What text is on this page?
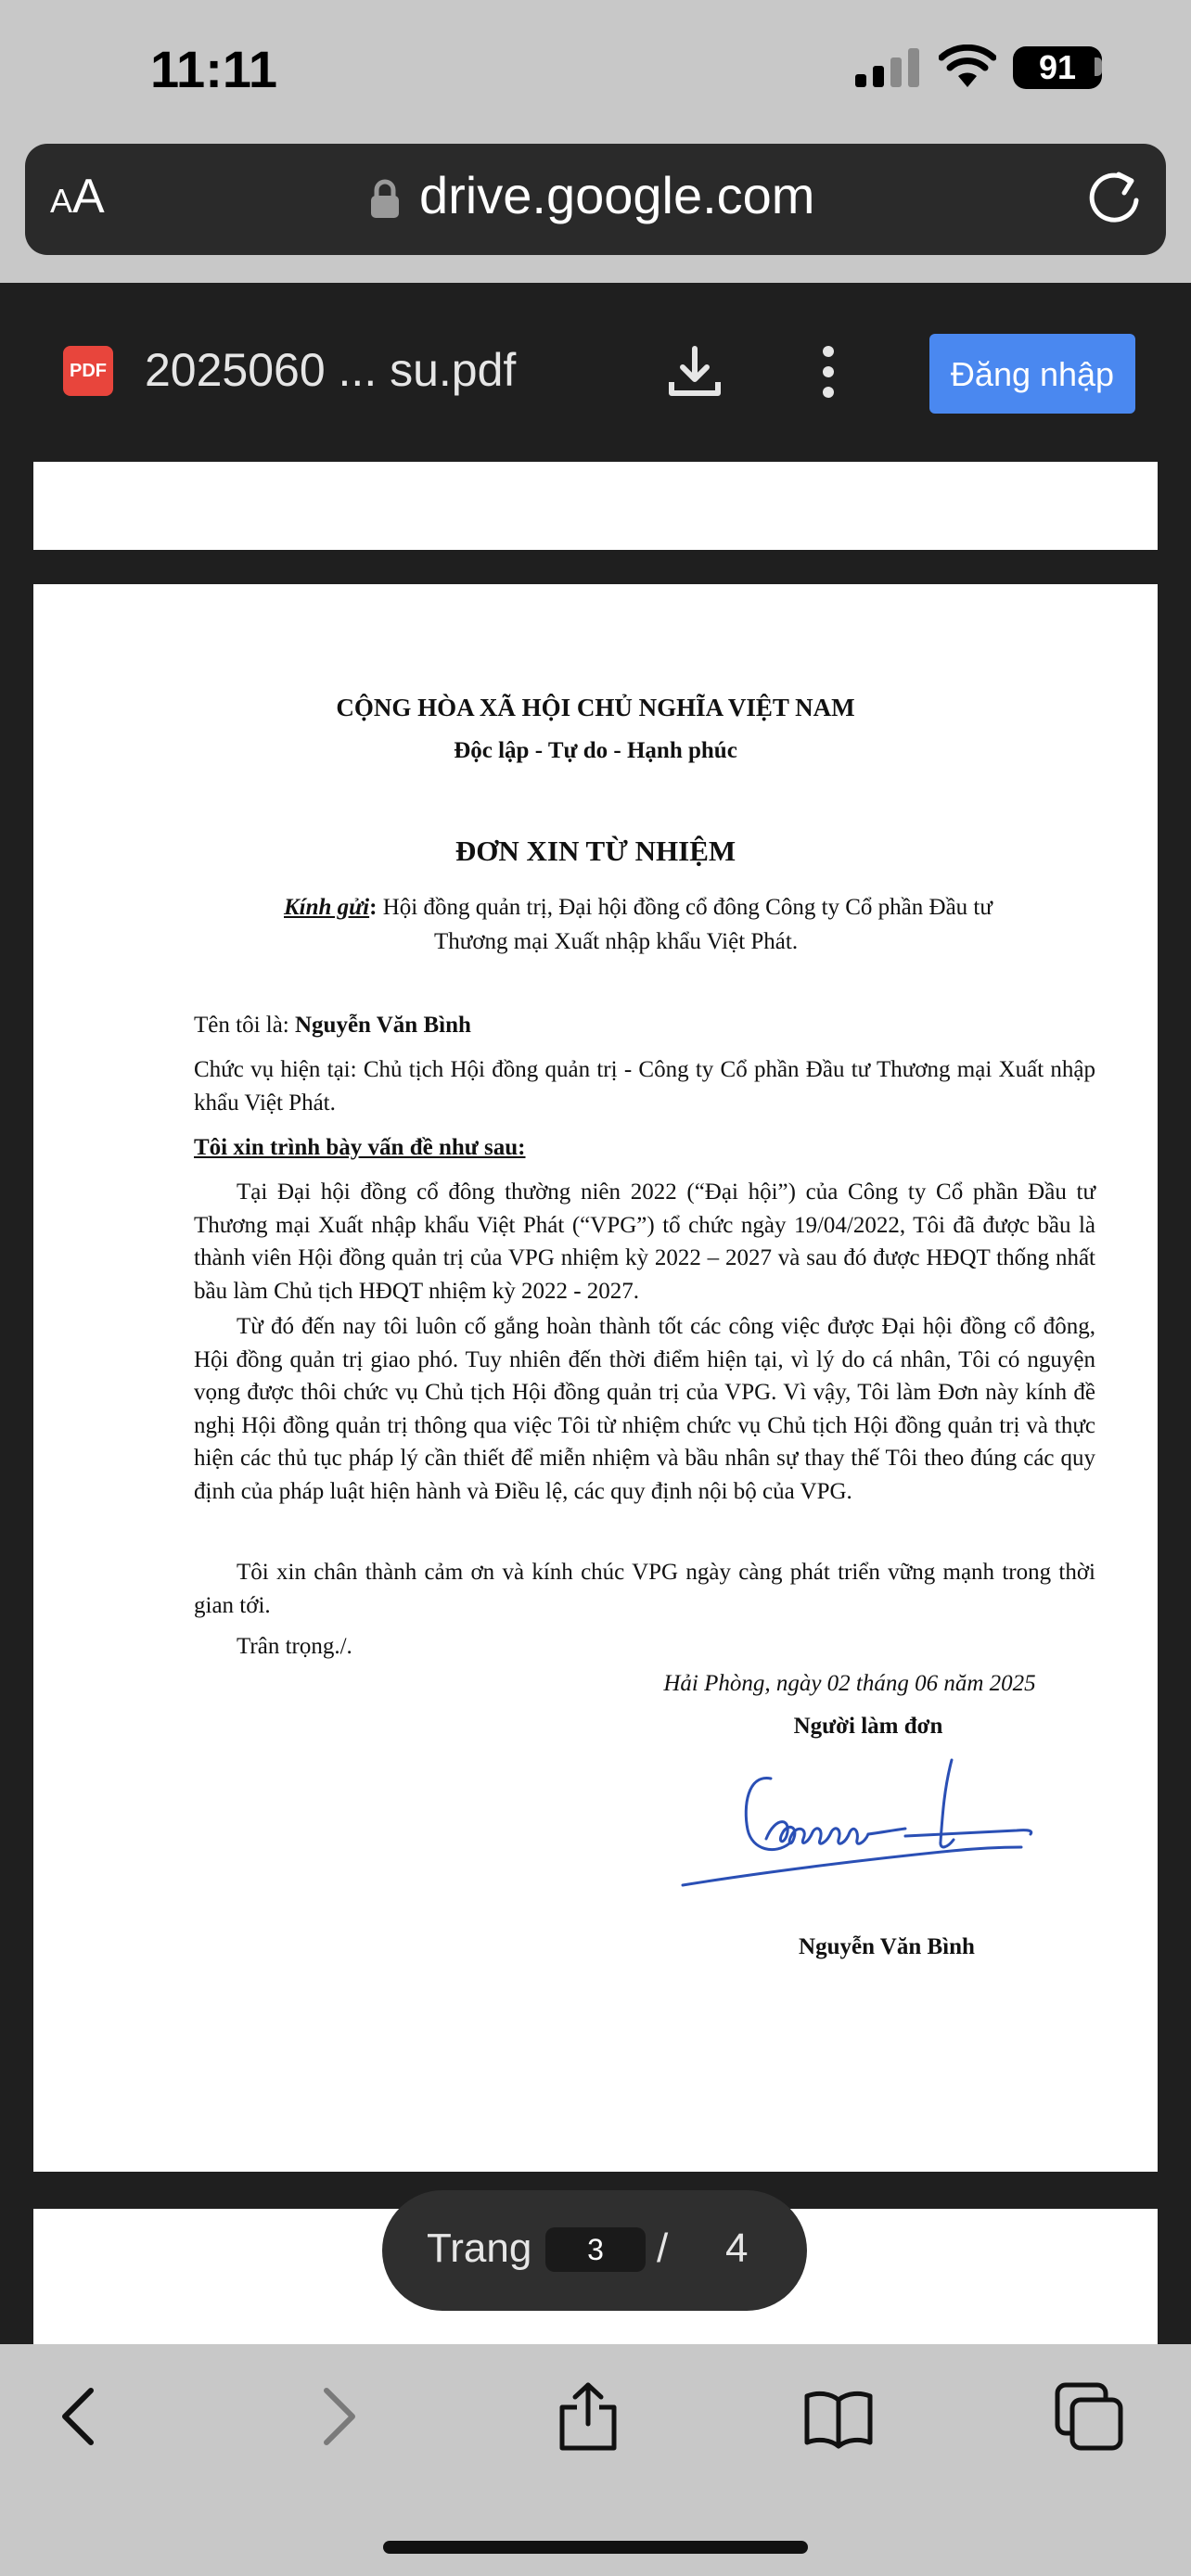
11:11	91
AA	drive.google.com
PDF 2025060 ... su.pdf	Đăng nhập
CỘNG HÒA XÃ HỘI CHỦ NGHĨA VIỆT NAM
Độc lập - Tự do - Hạnh phúc
ĐƠN XIN TỪ NHIỆM
Kính gửi: Hội đồng quản trị, Đại hội đồng cổ đông Công ty Cổ phần Đầu tư
Thương mại Xuất nhập khẩu Việt Phát.
Tên tôi là: Nguyễn Văn Bình
Chức vụ hiện tại: Chủ tịch Hội đồng quản trị - Công ty Cổ phần Đầu tư Thương mại Xuất nhập khẩu Việt Phát.
Tôi xin trình bày vấn đề như sau:
Tại Đại hội đồng cổ đông thường niên 2022 (“Đại hội”) của Công ty Cổ phần Đầu tư Thương mại Xuất nhập khẩu Việt Phát (“VPG”) tổ chức ngày 19/04/2022, Tôi đã được bầu là thành viên Hội đồng quản trị của VPG nhiệm kỳ 2022 – 2027 và sau đó được HĐQT thống nhất bầu làm Chủ tịch HĐQT nhiệm kỳ 2022 - 2027.
Từ đó đến nay tôi luôn cố gắng hoàn thành tốt các công việc được Đại hội đồng cổ đông, Hội đồng quản trị giao phó. Tuy nhiên đến thời điểm hiện tại, vì lý do cá nhân, Tôi có nguyện vọng được thôi chức vụ Chủ tịch Hội đồng quản trị của VPG. Vì vậy, Tôi làm Đơn này kính đề nghị Hội đồng quản trị thông qua việc Tôi từ nhiệm chức vụ Chủ tịch Hội đồng quản trị và thực hiện các thủ tục pháp lý cần thiết để miễn nhiệm và bầu nhân sự thay thế Tôi theo đúng các quy định của pháp luật hiện hành và Điều lệ, các quy định nội bộ của VPG.
Tôi xin chân thành cảm ơn và kính chúc VPG ngày càng phát triển vững mạnh trong thời gian tới.
Trân trọng./.
Hải Phòng, ngày 02 tháng 06 năm 2025
Người làm đơn
Nguyễn Văn Bình
Trang
3	/ 4
